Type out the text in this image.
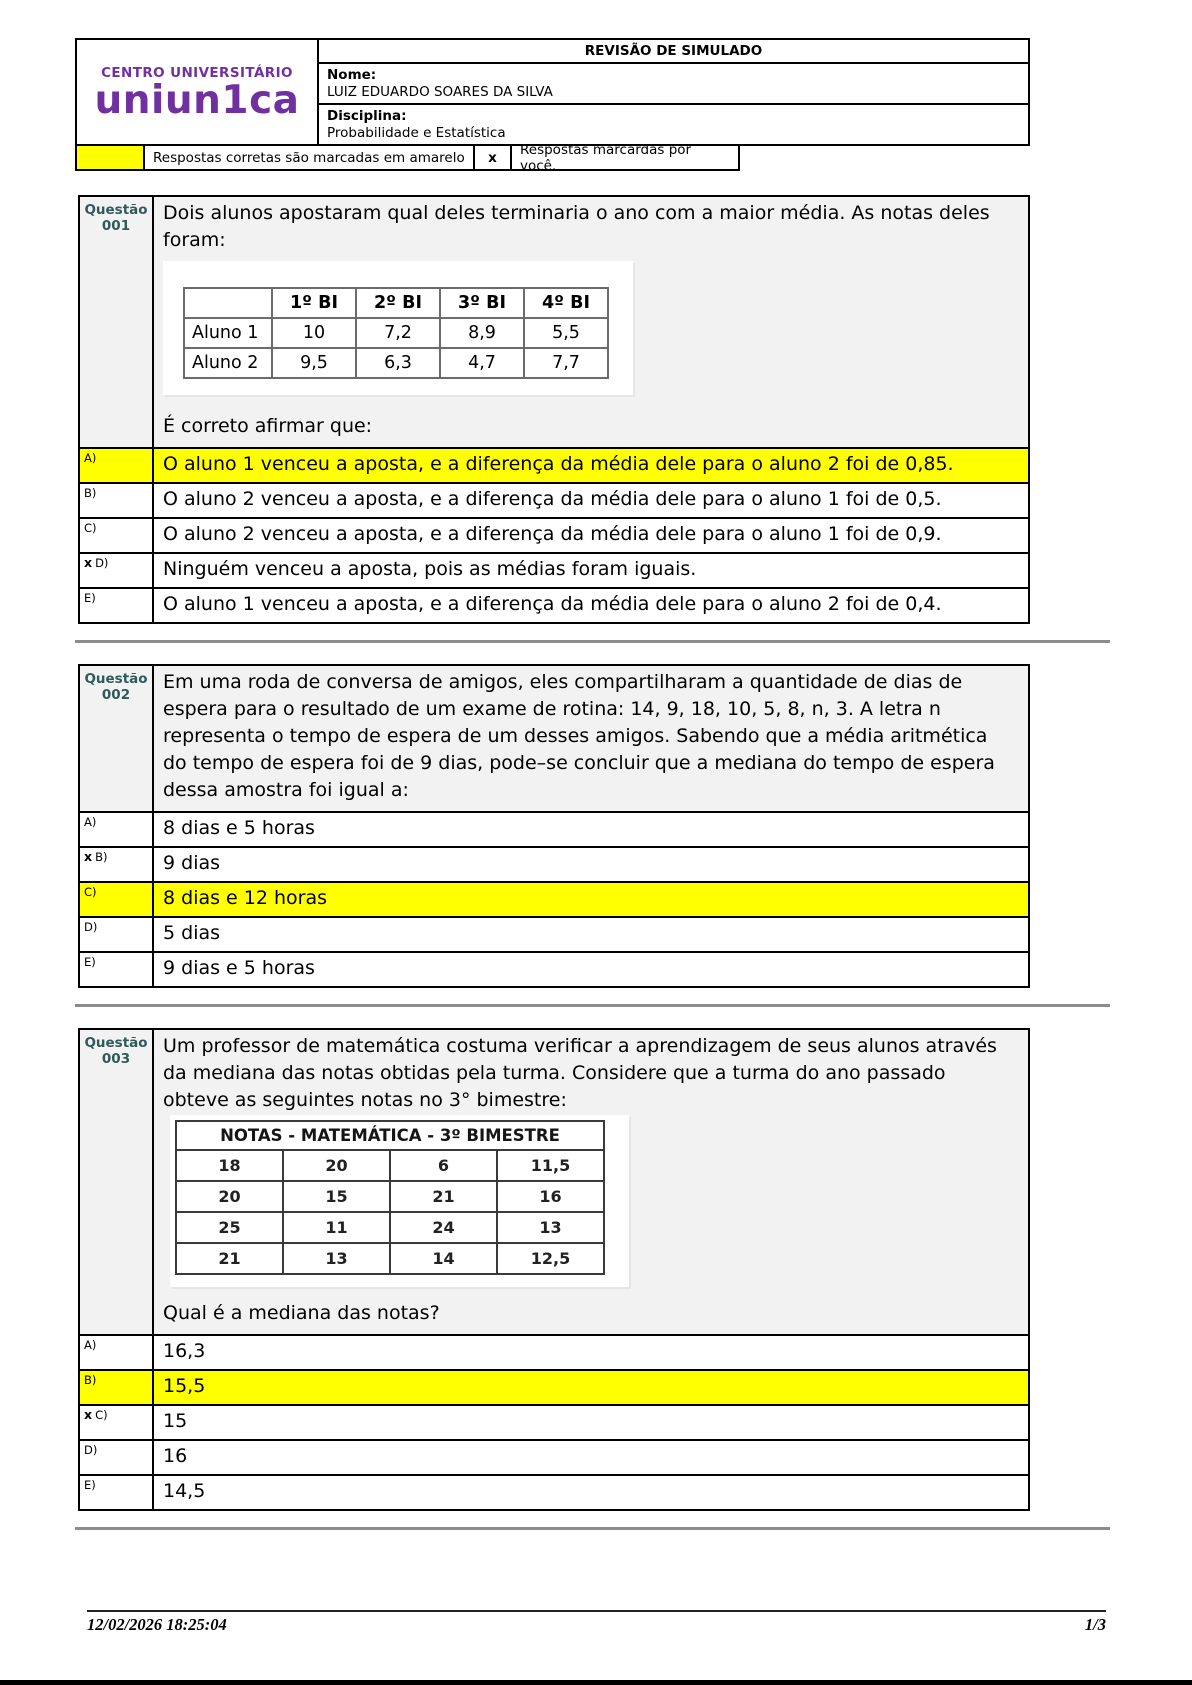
CENTRO UNIVERSITÁRIO
uniun1ca
REVISÃO DE SIMULADO
Nome:
LUIZ EDUARDO SOARES DA SILVA
Disciplina:
Probabilidade e Estatística
Respostas corretas são marcadas em amarelo	x	Respostas marcardas por você.
Questão
001
Dois alunos apostaram qual deles terminaria o ano com a maior média. As notas deles foram:
	1º BI	2º BI	3º BI	4º BI
Aluno 1	10	7,2	8,9	5,5
Aluno 2	9,5	6,3	4,7	7,7
É correto afirmar que:
A)	O aluno 1 venceu a aposta, e a diferença da média dele para o aluno 2 foi de 0,85.
B)	O aluno 2 venceu a aposta, e a diferença da média dele para o aluno 1 foi de 0,5.
C)	O aluno 2 venceu a aposta, e a diferença da média dele para o aluno 1 foi de 0,9.
x D)	Ninguém venceu a aposta, pois as médias foram iguais.
E)	O aluno 1 venceu a aposta, e a diferença da média dele para o aluno 2 foi de 0,4.
Questão
002
Em uma roda de conversa de amigos, eles compartilharam a quantidade de dias de espera para o resultado de um exame de rotina: 14, 9, 18, 10, 5, 8, n, 3. A letra n representa o tempo de espera de um desses amigos. Sabendo que a média aritmética do tempo de espera foi de 9 dias, pode–se concluir que a mediana do tempo de espera dessa amostra foi igual a:
A)	8 dias e 5 horas
x B)	9 dias
C)	8 dias e 12 horas
D)	5 dias
E)	9 dias e 5 horas
Questão
003
Um professor de matemática costuma verificar a aprendizagem de seus alunos através da mediana das notas obtidas pela turma. Considere que a turma do ano passado obteve as seguintes notas no 3° bimestre:
NOTAS - MATEMÁTICA - 3º BIMESTRE			
18	20	6	11,5
20	15	21	16
25	11	24	13
21	13	14	12,5
Qual é a mediana das notas?
A)	16,3
B)	15,5
x C)	15
D)	16
E)	14,5
12/02/2026 18:25:04	1/3
